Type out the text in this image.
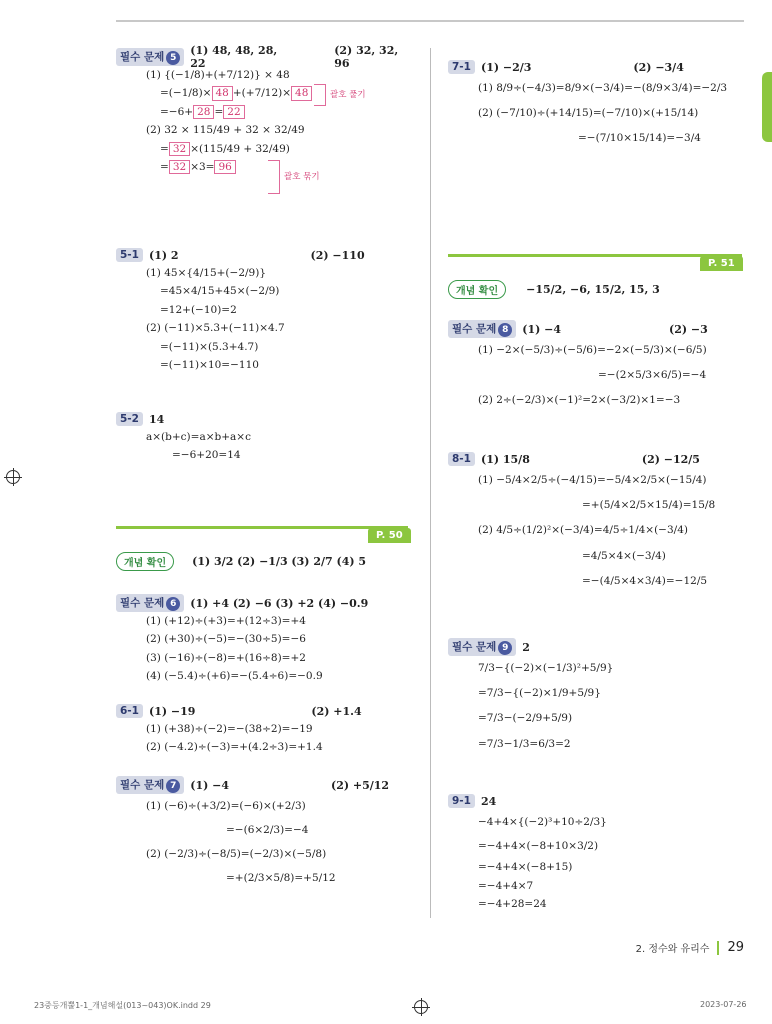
필수 문제 5
(1) 48, 48, 28, 22
(2) 32, 32, 96
(1) {(−1/8)+(+7/12)} × 48
=(−1/8)× 48 +(+7/12)× 48
=−6+ 28 = 22
(2) 32 × 115/49 + 32 × 32/49
= 32 ×(115/49 + 32/49)
= 32 ×3= 96
괄호 풀기
괄호 묶기
5-1 (1) 2	(2) −110
(1) 45×{4/15+(−2/9)}
=45×4/15+45×(−2/9)
=12+(−10)=2
(2) (−11)×5.3+(−11)×4.7
=(−11)×(5.3+4.7)
=(−11)×10=−110
5-2 14
a×(b+c)=a×b+a×c
=−6+20=14
P. 50
개념 확인	(1) 3/2 (2) −1/3 (3) 2/7 (4) 5
필수 문제 6	(1) +4 (2) −6 (3) +2 (4) −0.9
(1) (+12)÷(+3)=+(12÷3)=+4
(2) (+30)÷(−5)=−(30÷5)=−6
(3) (−16)÷(−8)=+(16÷8)=+2
(4) (−5.4)÷(+6)=−(5.4÷6)=−0.9
6-1 (1) −19	(2) +1.4
(1) (+38)÷(−2)=−(38÷2)=−19
(2) (−4.2)÷(−3)=+(4.2÷3)=+1.4
필수 문제 7	(1) −4	(2) +5/12
(1) (−6)÷(+3/2)=(−6)×(+2/3)
=−(6×2/3)=−4
(2) (−2/3)÷(−8/5)=(−2/3)×(−5/8)
=+(2/3×5/8)=+5/12
7-1 (1) −2/3	(2) −3/4
(1) 8/9÷(−4/3)=8/9×(−3/4)=−(8/9×3/4)=−2/3
(2) (−7/10)÷(+14/15)=(−7/10)×(+15/14)
=−(7/10×15/14)=−3/4
P. 51
개념 확인	−15/2, −6, 15/2, 15, 3
필수 문제 8	(1) −4	(2) −3
(1) −2×(−5/3)÷(−5/6)=−2×(−5/3)×(−6/5)
=−(2×5/3×6/5)=−4
(2) 2÷(−2/3)×(−1)²=2×(−3/2)×1=−3
8-1 (1) 15/8	(2) −12/5
(1) −5/4×2/5÷(−4/15)=−5/4×2/5×(−15/4)
=+(5/4×2/5×15/4)=15/8
(2) 4/5÷(1/2)²×(−3/4)=4/5÷1/4×(−3/4)
=4/5×4×(−3/4)
=−(4/5×4×3/4)=−12/5
필수 문제 9	2
7/3−{(−2)×(−1/3)²+5/9}
=7/3−{(−2)×1/9+5/9}
=7/3−(−2/9+5/9)
=7/3−1/3=6/3=2
9-1 24
−4+4×{(−2)³+10÷2/3}
=−4+4×(−8+10×3/2)
=−4+4×(−8+15)
=−4+4×7
=−4+28=24
2. 정수와 유리수 29
23중등개뿔1-1_개념해설(013~043)OK.indd 29	2023-07-26
